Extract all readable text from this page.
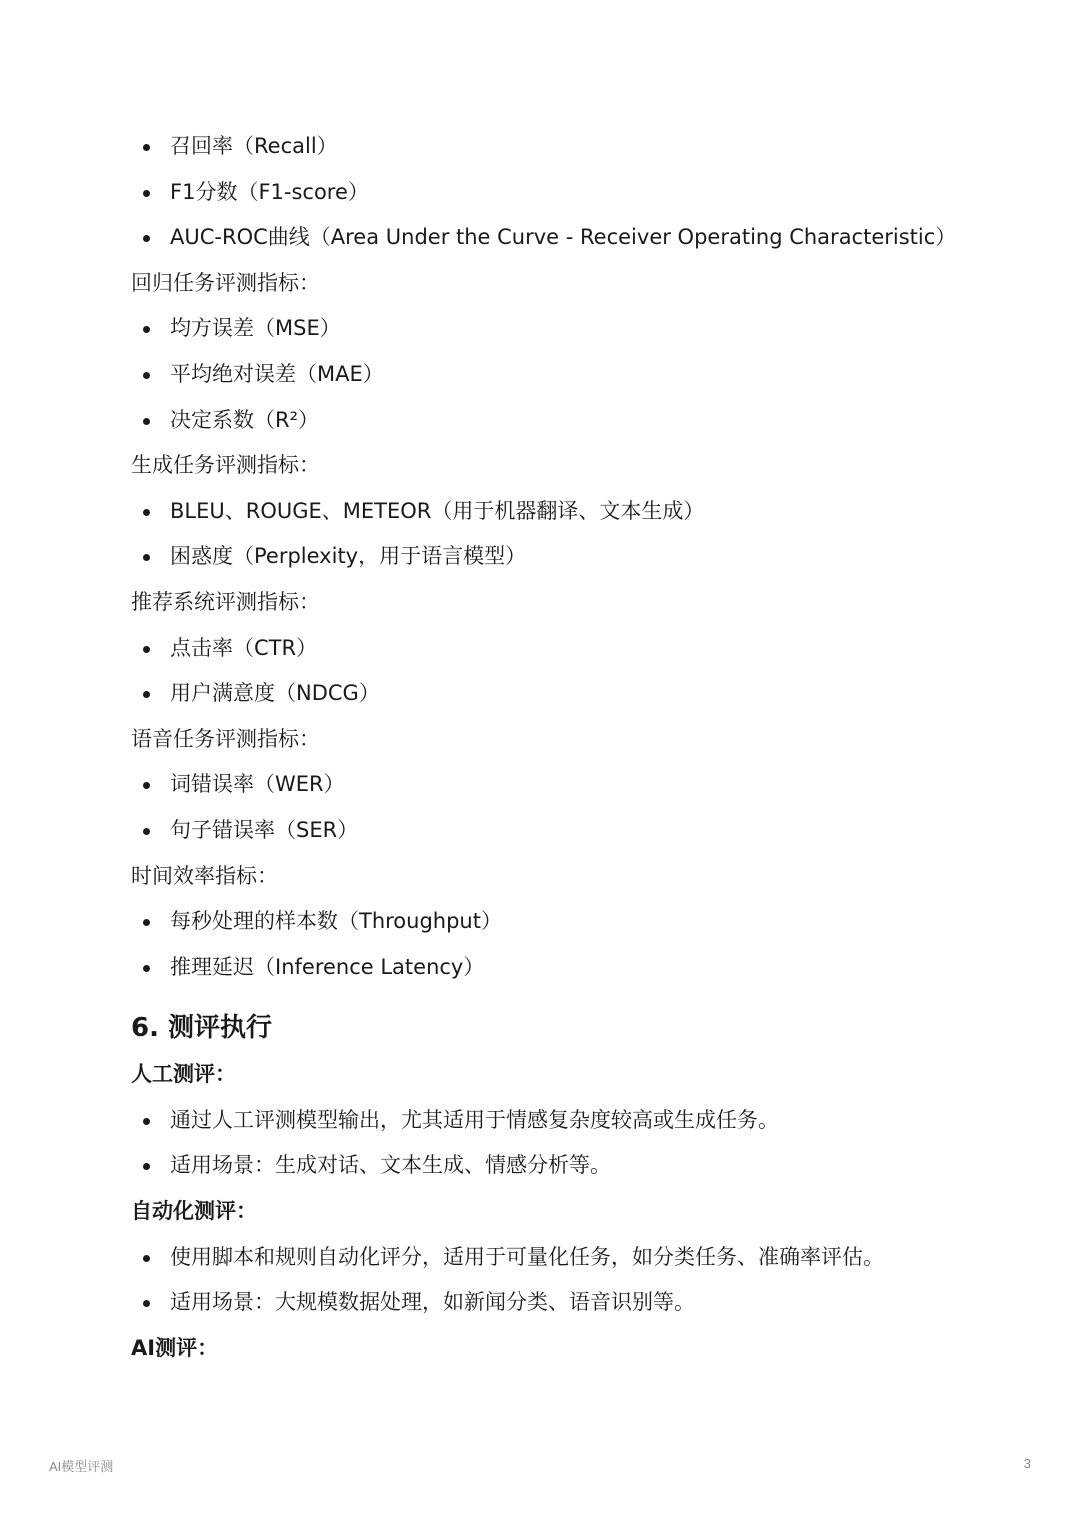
召回率（Recall）
F1分数（F1-score）
AUC-ROC曲线（Area Under the Curve - Receiver Operating Characteristic）
回归任务评测指标：
均方误差（MSE）
平均绝对误差（MAE）
决定系数（R²）
生成任务评测指标：
BLEU、ROUGE、METEOR（用于机器翻译、文本生成）
困惑度（Perplexity，用于语言模型）
推荐系统评测指标：
点击率（CTR）
用户满意度（NDCG）
语音任务评测指标：
词错误率（WER）
句子错误率（SER）
时间效率指标：
每秒处理的样本数（Throughput）
推理延迟（Inference Latency）
6. 测评执行
人工测评：
通过人工评测模型输出，尤其适用于情感复杂度较高或生成任务。
适用场景：生成对话、文本生成、情感分析等。
自动化测评：
使用脚本和规则自动化评分，适用于可量化任务，如分类任务、准确率评估。
适用场景：大规模数据处理，如新闻分类、语音识别等。
AI测评：
AI模型评测	3
